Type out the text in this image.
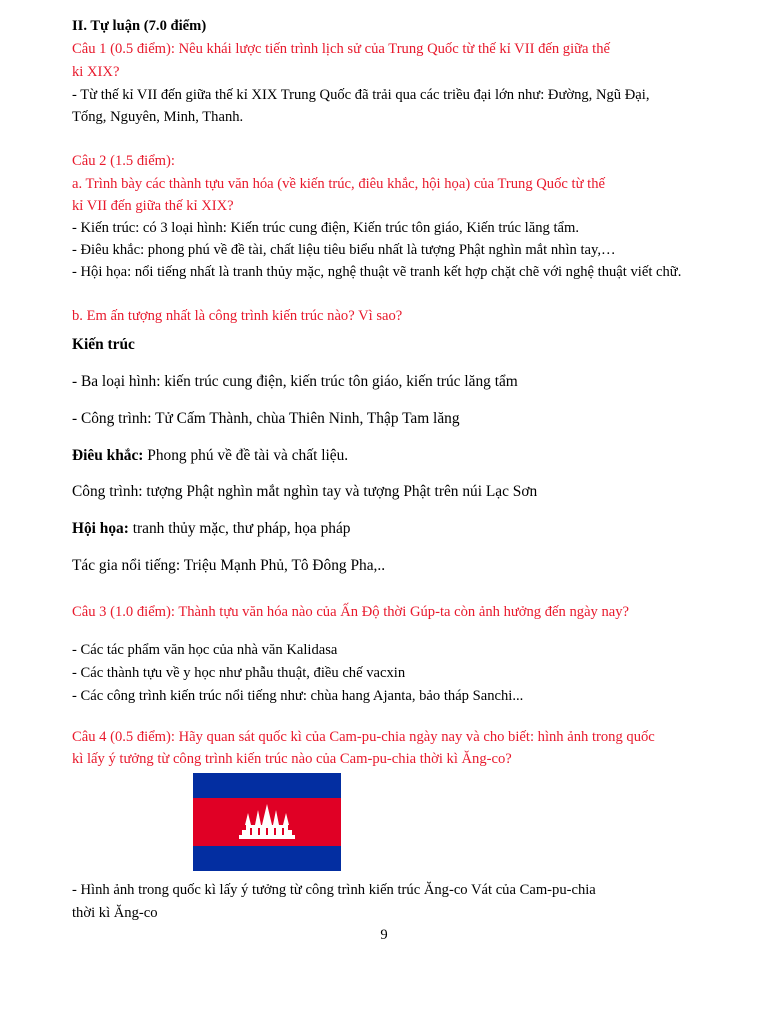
II. Tự luận (7.0 điểm)
Câu 1 (0.5 điểm): Nêu khái lược tiến trình lịch sử của Trung Quốc từ thế kỉ VII đến giữa thế
ki XIX?
- Từ thế kỉ VII đến giữa thế kỉ XIX Trung Quốc đã trải qua các triều đại lớn như: Đường, Ngũ Đại,
Tống, Nguyên, Minh, Thanh.
Câu 2 (1.5 điểm):
a. Trình bày các thành tựu văn hóa (về kiến trúc, điêu khắc, hội họa) của Trung Quốc từ thế
kỉ VII đến giữa thế kỉ XIX?
- Kiến trúc: có 3 loại hình: Kiến trúc cung điện, Kiến trúc tôn giáo, Kiến trúc lăng tẩm.
- Điêu khắc: phong phú về đề tài, chất liệu tiêu biểu nhất là tượng Phật nghìn mắt nhìn tay,…
- Hội họa: nổi tiếng nhất là tranh thủy mặc, nghệ thuật vẽ tranh kết hợp chặt chẽ với nghệ thuật viết chữ.
b. Em ấn tượng nhất là công trình kiến trúc nào? Vì sao?
Kiến trúc
- Ba loại hình: kiến trúc cung điện, kiến trúc tôn giáo, kiến trúc lăng tẩm
- Công trình: Tử Cấm Thành, chùa Thiên Ninh, Thập Tam lăng
Điêu khắc: Phong phú về đề tài và chất liệu.
Công trình: tượng Phật nghìn mắt nghìn tay và tượng Phật trên núi Lạc Sơn
Hội họa: tranh thủy mặc, thư pháp, họa pháp
Tác gia nổi tiếng: Triệu Mạnh Phủ, Tô Đông Pha,..
Câu 3 (1.0 điểm): Thành tựu văn hóa nào của Ấn Độ thời Gúp-ta còn ảnh hưởng đến ngày nay?
- Các tác phẩm văn học của nhà văn Kalidasa
- Các thành tựu về y học như phẫu thuật, điều chế vacxin
- Các công trình kiến trúc nổi tiếng như: chùa hang Ajanta, bảo tháp Sanchi...
Câu 4 (0.5 điểm): Hãy quan sát quốc kì của Cam-pu-chia ngày nay và cho biết: hình ảnh trong quốc
kì lấy ý tưởng từ công trình kiến trúc nào của Cam-pu-chia thời kì Ăng-co?
- Hình ảnh trong quốc kì lấy ý tưởng từ công trình kiến trúc Ăng-co Vát của Cam-pu-chia
thời kì Ăng-co
9
